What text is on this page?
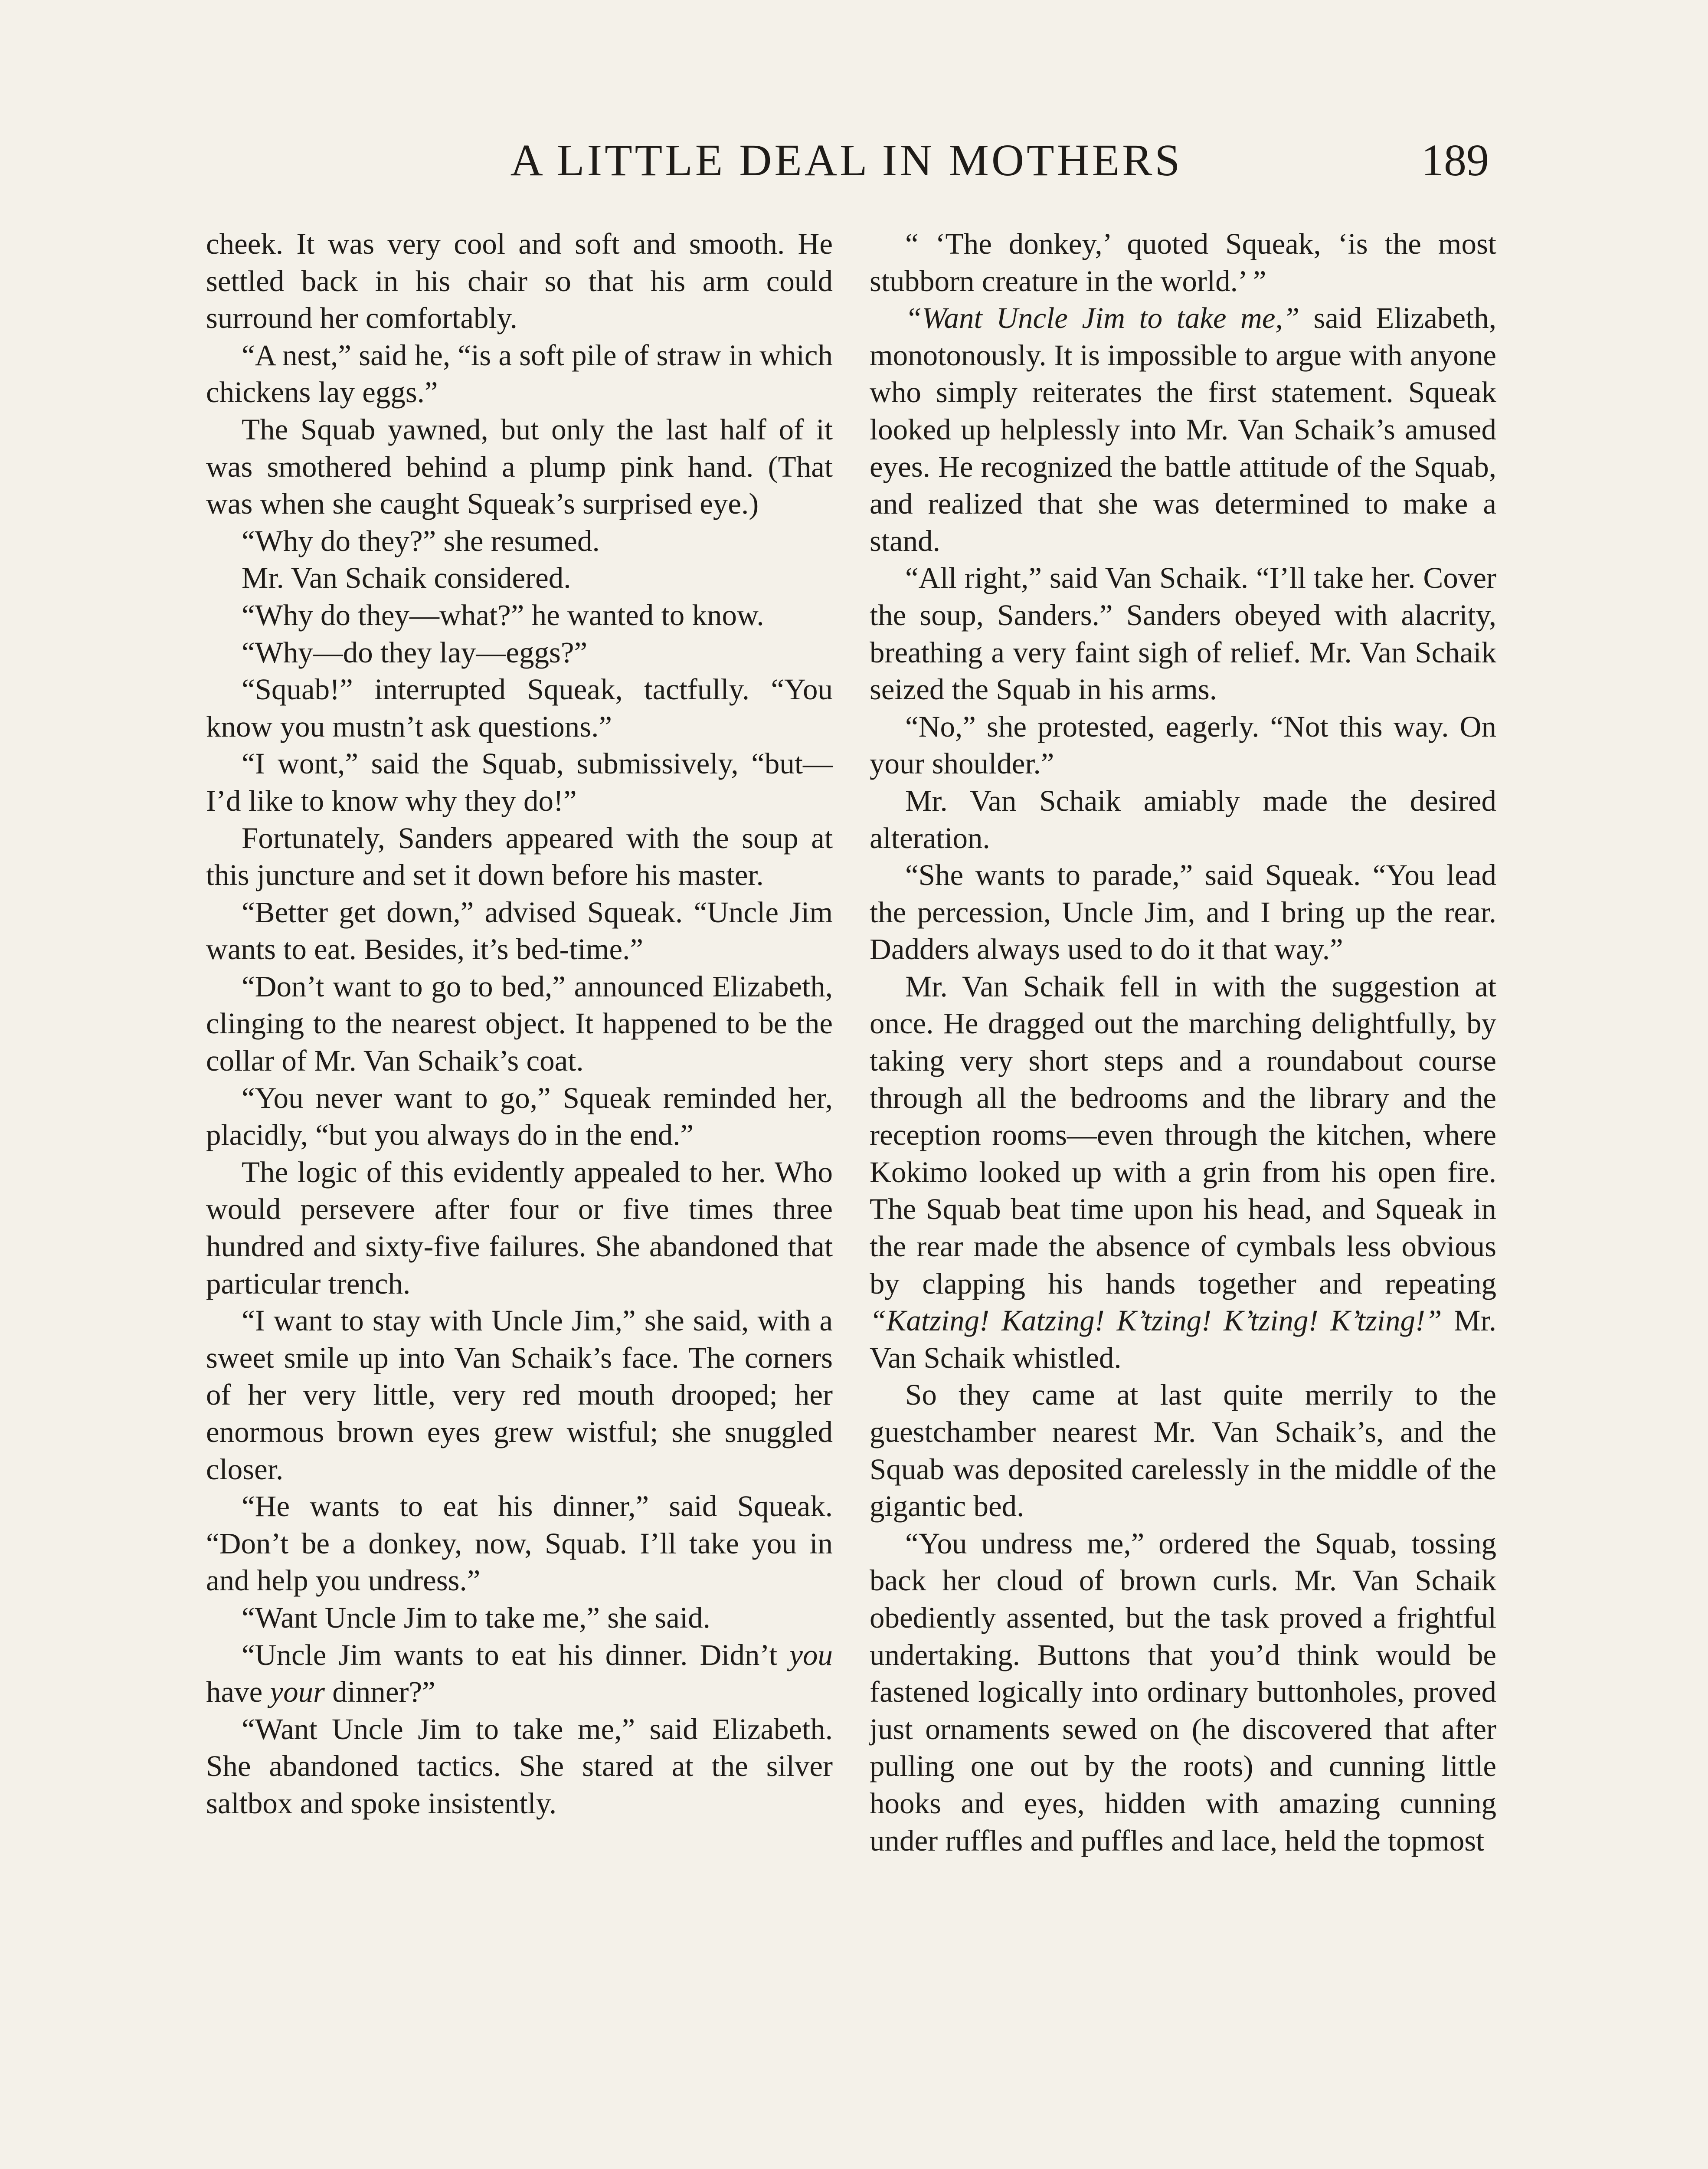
A LITTLE DEAL IN MOTHERS	189

cheek. It was very cool and soft and smooth. He settled back in his chair so that his arm could surround her comfortably.

“A nest,” said he, “is a soft pile of straw in which chickens lay eggs.”

The Squab yawned, but only the last half of it was smothered behind a plump pink hand. (That was when she caught Squeak’s surprised eye.)

“Why do they?” she resumed.

Mr. Van Schaik considered.

“Why do they—what?” he wanted to know.

“Why—do they lay—eggs?”

“Squab!” interrupted Squeak, tactfully. “You know you mustn’t ask questions.”

“I wont,” said the Squab, submissively, “but—I’d like to know why they do!”

Fortunately, Sanders appeared with the soup at this juncture and set it down before his master.

“Better get down,” advised Squeak. “Uncle Jim wants to eat. Besides, it’s bed-time.”

“Don’t want to go to bed,” announced Elizabeth, clinging to the nearest object. It happened to be the collar of Mr. Van Schaik’s coat.

“You never want to go,” Squeak reminded her, placidly, “but you always do in the end.”

The logic of this evidently appealed to her. Who would persevere after four or five times three hundred and sixty-five failures. She abandoned that particular trench.

“I want to stay with Uncle Jim,” she said, with a sweet smile up into Van Schaik’s face. The corners of her very little, very red mouth drooped; her enormous brown eyes grew wistful; she snuggled closer.

“He wants to eat his dinner,” said Squeak. “Don’t be a donkey, now, Squab. I’ll take you in and help you undress.”

“Want Uncle Jim to take me,” she said.

“Uncle Jim wants to eat his dinner. Didn’t you have your dinner?”

“Want Uncle Jim to take me,” said Elizabeth. She abandoned tactics. She stared at the silver saltbox and spoke insistently.

“ ‘The donkey,’ quoted Squeak, ‘is the most stubborn creature in the world.’ ”

“Want Uncle Jim to take me,” said Elizabeth, monotonously. It is impossible to argue with anyone who simply reiterates the first statement. Squeak looked up helplessly into Mr. Van Schaik’s amused eyes. He recognized the battle attitude of the Squab, and realized that she was determined to make a stand.

“All right,” said Van Schaik. “I’ll take her. Cover the soup, Sanders.” Sanders obeyed with alacrity, breathing a very faint sigh of relief. Mr. Van Schaik seized the Squab in his arms.

“No,” she protested, eagerly. “Not this way. On your shoulder.”

Mr. Van Schaik amiably made the desired alteration.

“She wants to parade,” said Squeak. “You lead the percession, Uncle Jim, and I bring up the rear. Dadders always used to do it that way.”

Mr. Van Schaik fell in with the suggestion at once. He dragged out the marching delightfully, by taking very short steps and a roundabout course through all the bedrooms and the library and the reception rooms—even through the kitchen, where Kokimo looked up with a grin from his open fire. The Squab beat time upon his head, and Squeak in the rear made the absence of cymbals less obvious by clapping his hands together and repeating “Katzing! Katzing! K’tzing! K’tzing! K’tzing!” Mr. Van Schaik whistled.

So they came at last quite merrily to the guestchamber nearest Mr. Van Schaik’s, and the Squab was deposited carelessly in the middle of the gigantic bed.

“You undress me,” ordered the Squab, tossing back her cloud of brown curls. Mr. Van Schaik obediently assented, but the task proved a frightful undertaking. Buttons that you’d think would be fastened logically into ordinary buttonholes, proved just ornaments sewed on (he discovered that after pulling one out by the roots) and cunning little hooks and eyes, hidden with amazing cunning under ruffles and puffles and lace, held the topmost
